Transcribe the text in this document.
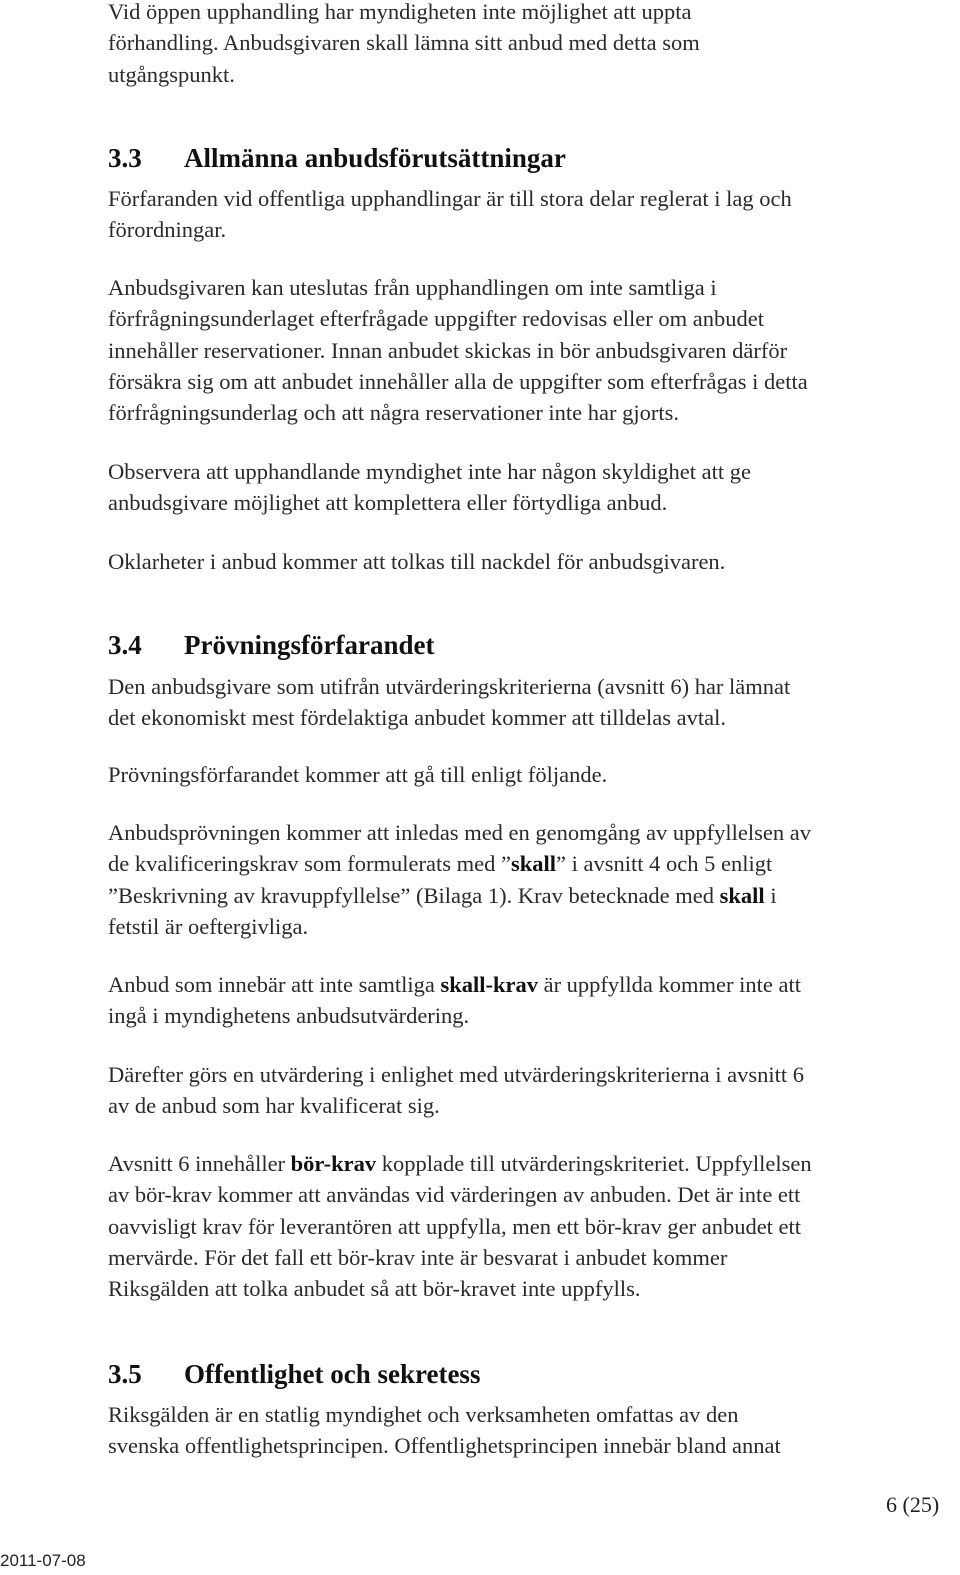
Vid öppen upphandling har myndigheten inte möjlighet att uppta
förhandling. Anbudsgivaren skall lämna sitt anbud med detta som
utgångspunkt.
3.3 Allmänna anbudsförutsättningar
Förfaranden vid offentliga upphandlingar är till stora delar reglerat i lag och
förordningar.
Anbudsgivaren kan uteslutas från upphandlingen om inte samtliga i
förfrågningsunderlaget efterfrågade uppgifter redovisas eller om anbudet
innehåller reservationer. Innan anbudet skickas in bör anbudsgivaren därför
försäkra sig om att anbudet innehåller alla de uppgifter som efterfrågas i detta
förfrågningsunderlag och att några reservationer inte har gjorts.
Observera att upphandlande myndighet inte har någon skyldighet att ge
anbudsgivare möjlighet att komplettera eller förtydliga anbud.
Oklarheter i anbud kommer att tolkas till nackdel för anbudsgivaren.
3.4 Prövningsförfarandet
Den anbudsgivare som utifrån utvärderingskriterierna (avsnitt 6) har lämnat
det ekonomiskt mest fördelaktiga anbudet kommer att tilldelas avtal.
Prövningsförfarandet kommer att gå till enligt följande.
Anbudsprövningen kommer att inledas med en genomgång av uppfyllelsen av
de kvalificeringskrav som formulerats med ”skall” i avsnitt 4 och 5 enligt
”Beskrivning av kravuppfyllelse” (Bilaga 1). Krav betecknade med skall i
fetstil är oeftergivliga.
Anbud som innebär att inte samtliga skall-krav är uppfyllda kommer inte att
ingå i myndighetens anbudsutvärdering.
Därefter görs en utvärdering i enlighet med utvärderingskriterierna i avsnitt 6
av de anbud som har kvalificerat sig.
Avsnitt 6 innehåller bör-krav kopplade till utvärderingskriteriet. Uppfyllelsen
av bör-krav kommer att användas vid värderingen av anbuden. Det är inte ett
oavvisligt krav för leverantören att uppfylla, men ett bör-krav ger anbudet ett
mervärde. För det fall ett bör-krav inte är besvarat i anbudet kommer
Riksgälden att tolka anbudet så att bör-kravet inte uppfylls.
3.5 Offentlighet och sekretess
Riksgälden är en statlig myndighet och verksamheten omfattas av den
svenska offentlighetsprincipen. Offentlighetsprincipen innebär bland annat
6 (25)
2011-07-08
